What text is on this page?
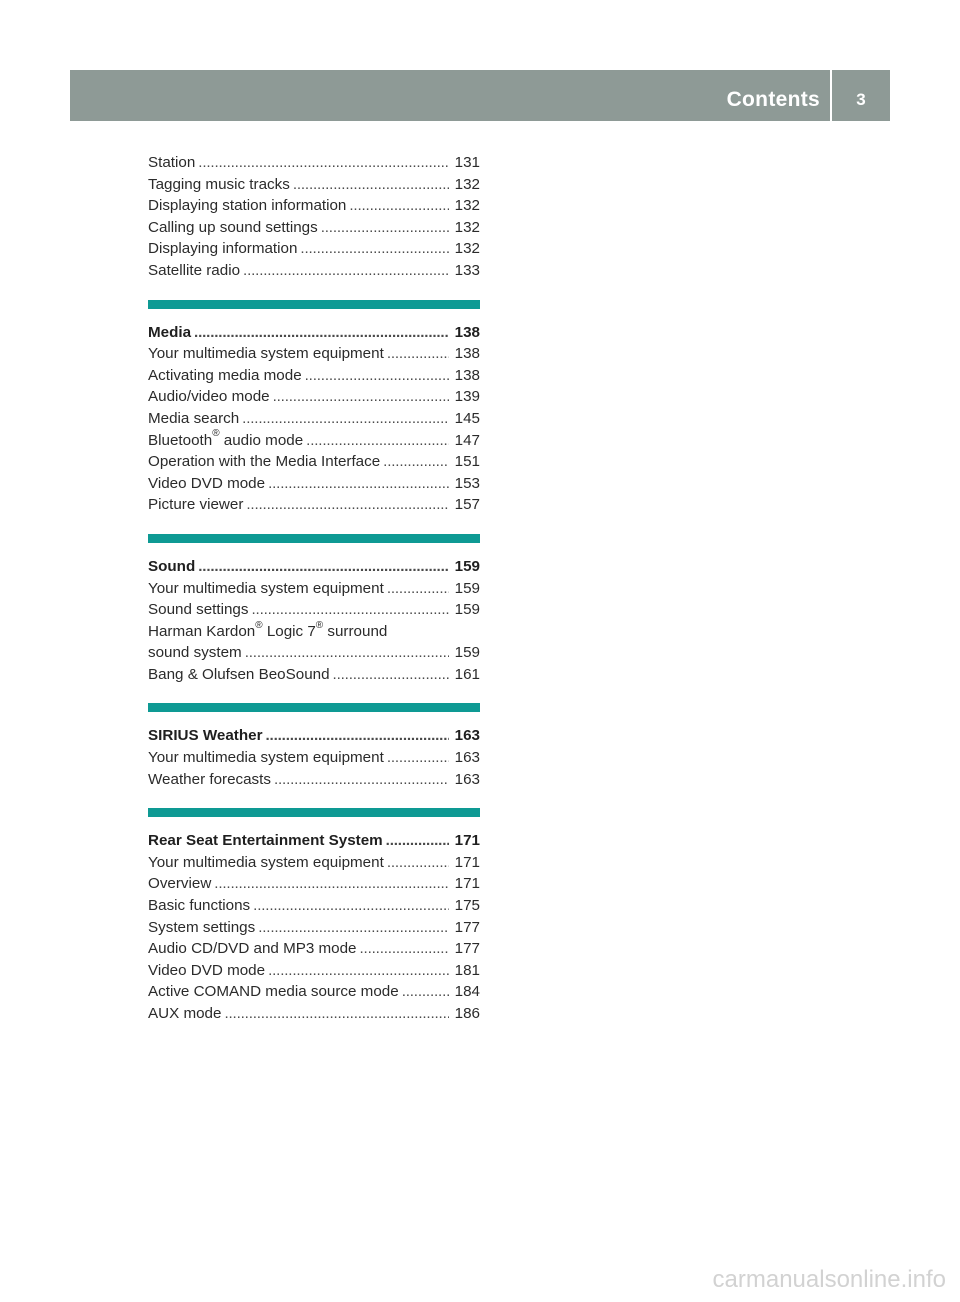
Contents	3
Station . . .	131
Tagging music tracks . . .	132
Displaying station information . . .	132
Calling up sound settings . . .	132
Displaying information . . .	132
Satellite radio . . .	133
Media . . .	138
Your multimedia system equipment . . .	138
Activating media mode . . .	138
Audio/video mode . . .	139
Media search . . .	145
Bluetooth® audio mode . . .	147
Operation with the Media Interface . . .	151
Video DVD mode . . .	153
Picture viewer . . .	157
Sound . . .	159
Your multimedia system equipment . . .	159
Sound settings . . .	159
Harman Kardon® Logic 7® surround
sound system . . .	159
Bang & Olufsen BeoSound . . .	161
SIRIUS Weather . . .	163
Your multimedia system equipment . . .	163
Weather forecasts . . .	163
Rear Seat Entertainment System . . .	171
Your multimedia system equipment . . .	171
Overview . . .	171
Basic functions . . .	175
System settings . . .	177
Audio CD/DVD and MP3 mode . . .	177
Video DVD mode . . .	181
Active COMAND media source mode . . .	184
AUX mode . . .	186
carmanualsonline.info
